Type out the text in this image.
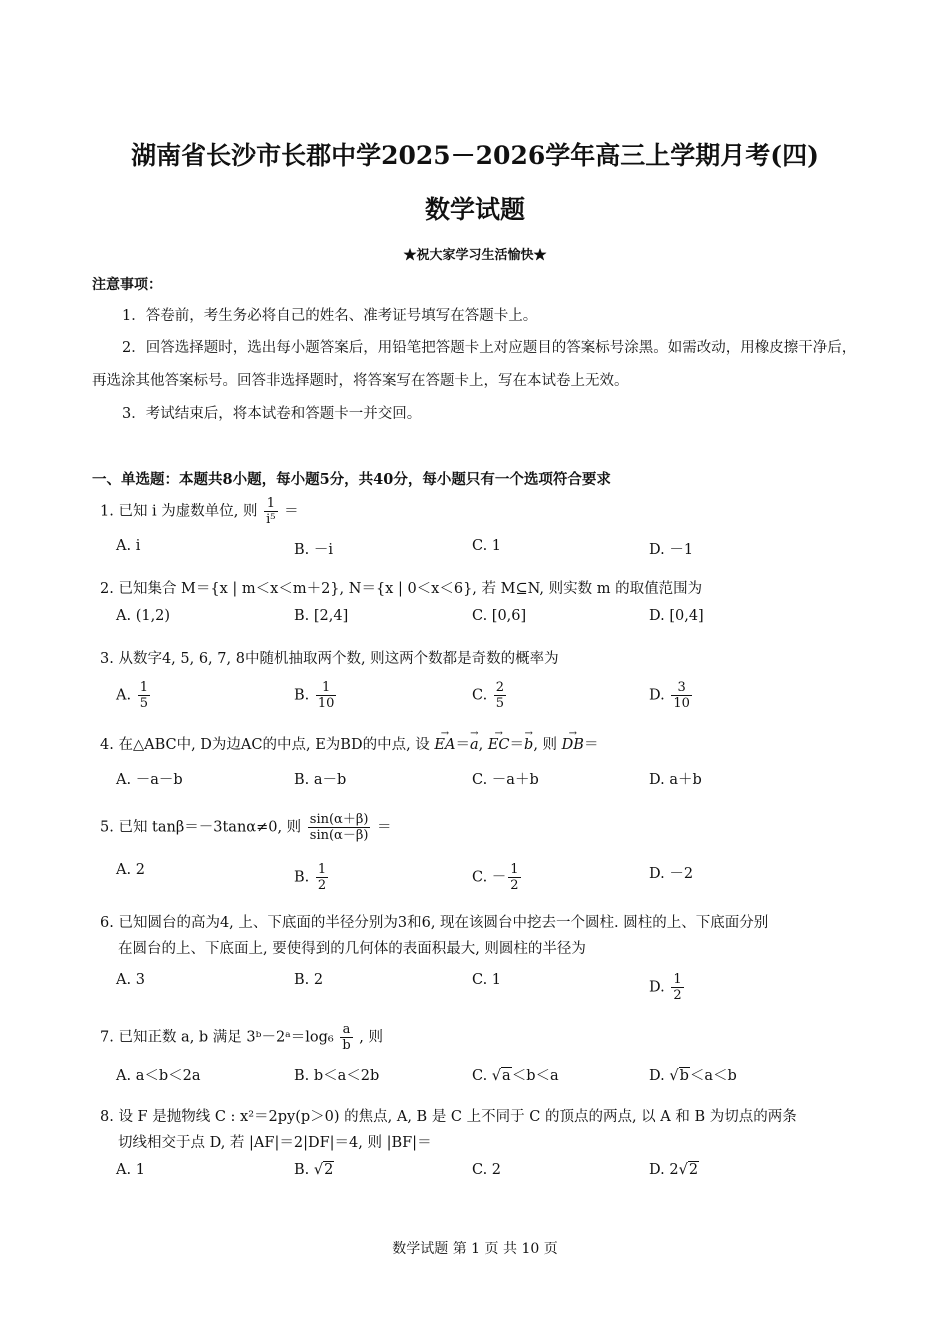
湖南省长沙市长郡中学2025－2026学年高三上学期月考(四)
数学试题
★祝大家学习生活愉快★
注意事项：
1．答卷前，考生务必将自己的姓名、准考证号填写在答题卡上。
2．回答选择题时，选出每小题答案后，用铅笔把答题卡上对应题目的答案标号涂黑。如需改动，用橡皮擦干净后，再选涂其他答案标号。回答非选择题时，将答案写在答题卡上，写在本试卷上无效。
3．考试结束后，将本试卷和答题卡一并交回。
一、单选题：本题共8小题，每小题5分，共40分，每小题只有一个选项符合要求
1. 已知 i 为虚数单位, 则 $\frac{1}{\text{i⁵}}$ ＝
A. i	B. －i	C. 1	D. －1
2. 已知集合 M＝{x | m＜x＜m＋2}, N＝{x | 0＜x＜6}, 若 M⊆N, 则实数 m 的取值范围为
A. (1,2)	B. [2,4]	C. [0,6]	D. [0,4]
3. 从数字4, 5, 6, 7, 8中随机抽取两个数, 则这两个数都是奇数的概率为
A. $\frac{1}{5}$	B. $\frac{1}{10}$	C. $\frac{2}{5}$	D. $\frac{3}{10}$
4. 在△ABC中, D为边AC的中点, E为BD的中点, 设 → EA＝→ a, → EC＝→ b, 则 → DB＝
A. －a－b	B. a－b	C. －a＋b	D. a＋b
5. 已知 tanβ＝－3tanα≠0, 则 $\frac{\sin(\alpha+\beta)}{\sin(\alpha-\beta)}$ ＝
A. 2	B. $\frac{1}{2}$	C. － $\frac{1}{2}$	D. －2
6. 已知圆台的高为4, 上、下底面的半径分别为3和6, 现在该圆台中挖去一个圆柱. 圆柱的上、下底面分别
在圆台的上、下底面上, 要使得到的几何体的表面积最大, 则圆柱的半径为
A. 3	B. 2	C. 1	D. $\frac{1}{2}$
7. 已知正数 a, b 满足 3ᵇ－2ᵃ＝log₆ $\frac{a}{b}$ , 则
A. a＜b＜2a	B. b＜a＜2b	C. √a＜b＜a	D. √b＜a＜b
8. 设 F 是抛物线 C : x²＝2py(p＞0) 的焦点, A, B 是 C 上不同于 C 的顶点的两点, 以 A 和 B 为切点的两条
切线相交于点 D, 若 |AF|＝2|DF|＝4, 则 |BF|＝
A. 1	B. √2	C. 2	D. 2√2
数学试题 第 1 页 共 10 页
